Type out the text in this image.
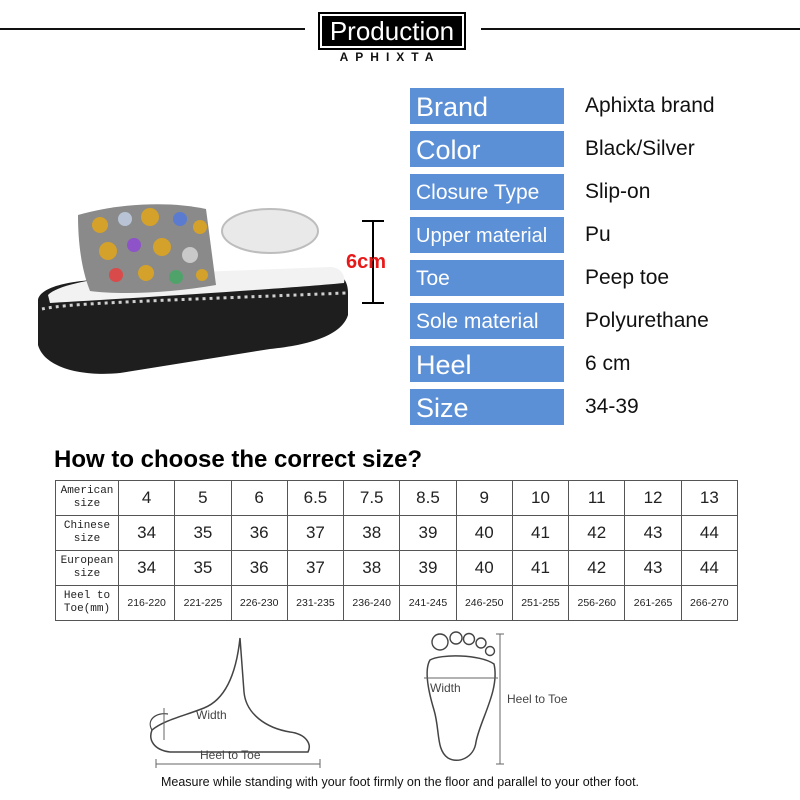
Production
APHIXTA
6cm
Brand	Aphixta brand
Color	Black/Silver
Closure Type	Slip-on
Upper material	Pu
Toe	Peep toe
Sole material	Polyurethane
Heel	6 cm
Size	34-39
How to choose the correct size?
American
size	4	5	6	6.5	7.5	8.5	9	10	11	12	13
Chinese
size	34	35	36	37	38	39	40	41	42	43	44
European
size	34	35	36	37	38	39	40	41	42	43	44
Heel to
Toe(mm)	216-220	221-225	226-230	231-235	236-240	241-245	246-250	251-255	256-260	261-265	266-270
Width
Heel to Toe
Width
Heel to Toe
Measure while standing with your foot firmly on the floor and parallel to your other foot.
